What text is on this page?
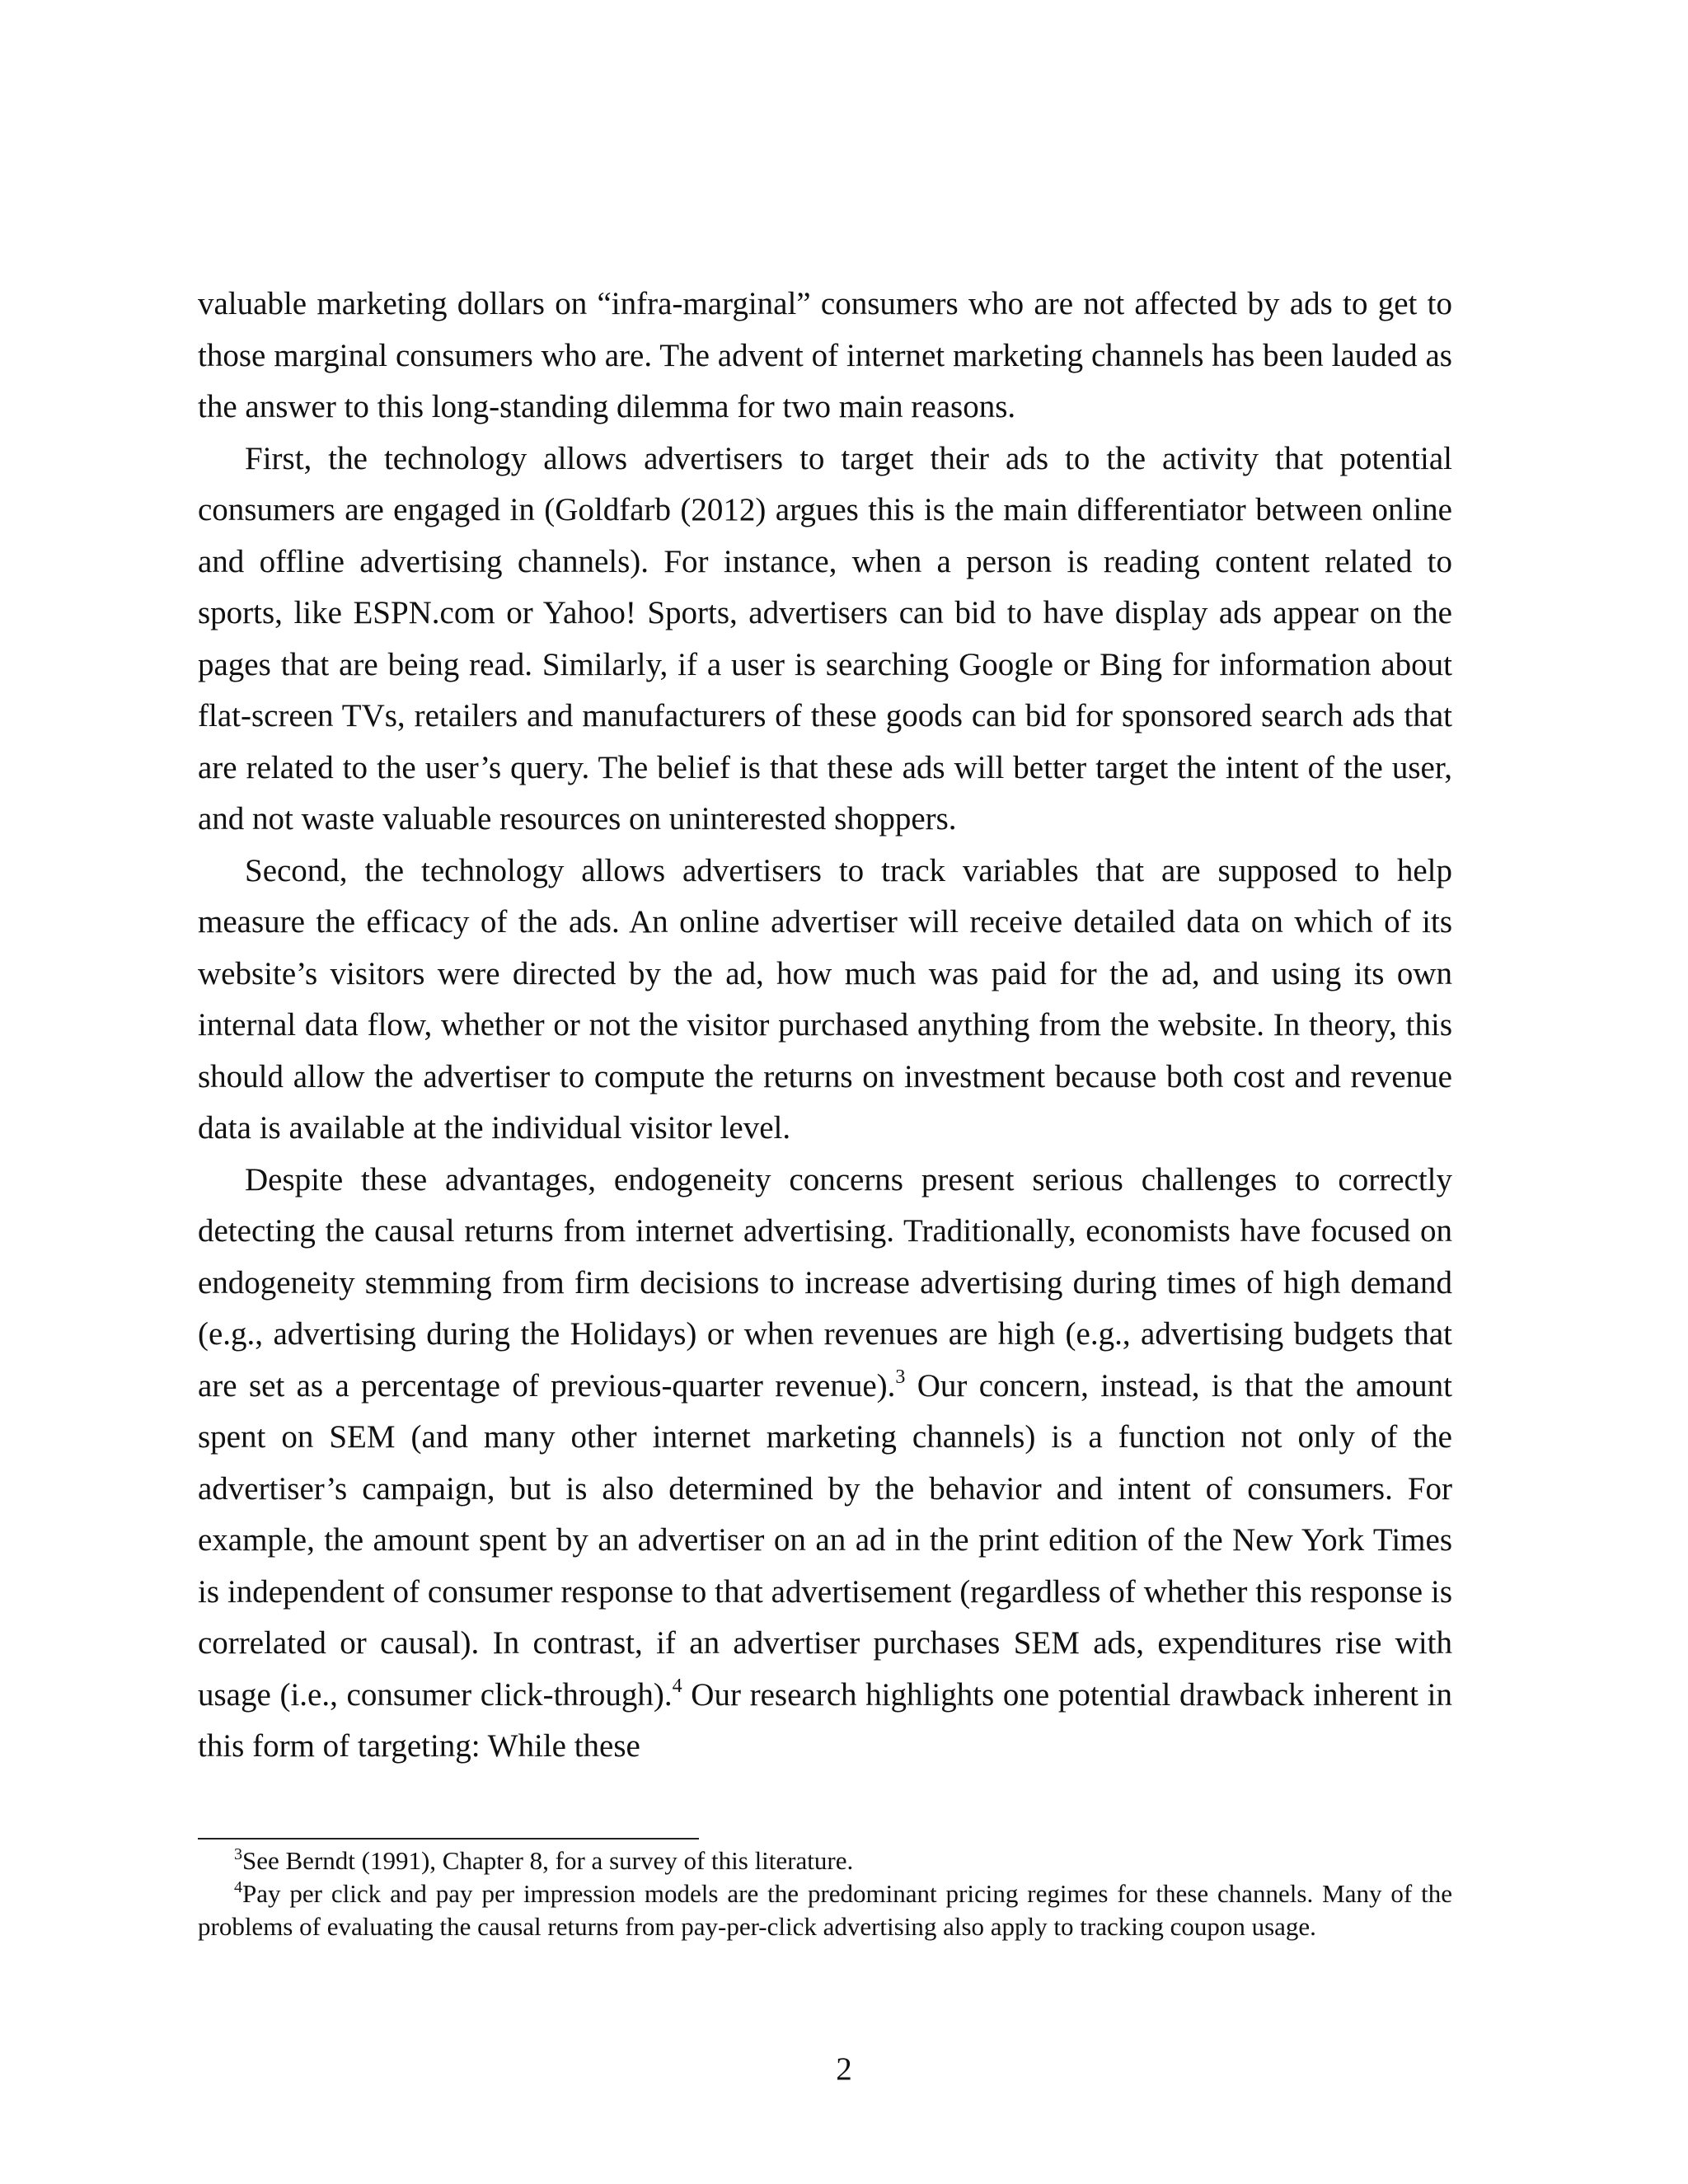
valuable marketing dollars on “infra-marginal” consumers who are not affected by ads to get to those marginal consumers who are. The advent of internet marketing channels has been lauded as the answer to this long-standing dilemma for two main reasons.

First, the technology allows advertisers to target their ads to the activity that potential consumers are engaged in (Goldfarb (2012) argues this is the main differentiator between online and offline advertising channels). For instance, when a person is reading content related to sports, like ESPN.com or Yahoo! Sports, advertisers can bid to have display ads appear on the pages that are being read. Similarly, if a user is searching Google or Bing for information about flat-screen TVs, retailers and manufacturers of these goods can bid for sponsored search ads that are related to the user’s query. The belief is that these ads will better target the intent of the user, and not waste valuable resources on uninterested shoppers.

Second, the technology allows advertisers to track variables that are supposed to help measure the efficacy of the ads. An online advertiser will receive detailed data on which of its website’s visitors were directed by the ad, how much was paid for the ad, and using its own internal data flow, whether or not the visitor purchased anything from the website. In theory, this should allow the advertiser to compute the returns on investment because both cost and revenue data is available at the individual visitor level.

Despite these advantages, endogeneity concerns present serious challenges to correctly detecting the causal returns from internet advertising. Traditionally, economists have focused on endogeneity stemming from firm decisions to increase advertising during times of high demand (e.g., advertising during the Holidays) or when revenues are high (e.g., advertising budgets that are set as a percentage of previous-quarter revenue).$^3$ Our concern, instead, is that the amount spent on SEM (and many other internet marketing channels) is a function not only of the advertiser’s campaign, but is also determined by the behavior and intent of consumers. For example, the amount spent by an advertiser on an ad in the print edition of the New York Times is independent of consumer response to that advertisement (regardless of whether this response is correlated or causal). In contrast, if an advertiser purchases SEM ads, expenditures rise with usage (i.e., consumer click-through).$^4$ Our research highlights one potential drawback inherent in this form of targeting: While these

$^3$See Berndt (1991), Chapter 8, for a survey of this literature.

$^4$Pay per click and pay per impression models are the predominant pricing regimes for these channels. Many of the problems of evaluating the causal returns from pay-per-click advertising also apply to tracking coupon usage.

2
